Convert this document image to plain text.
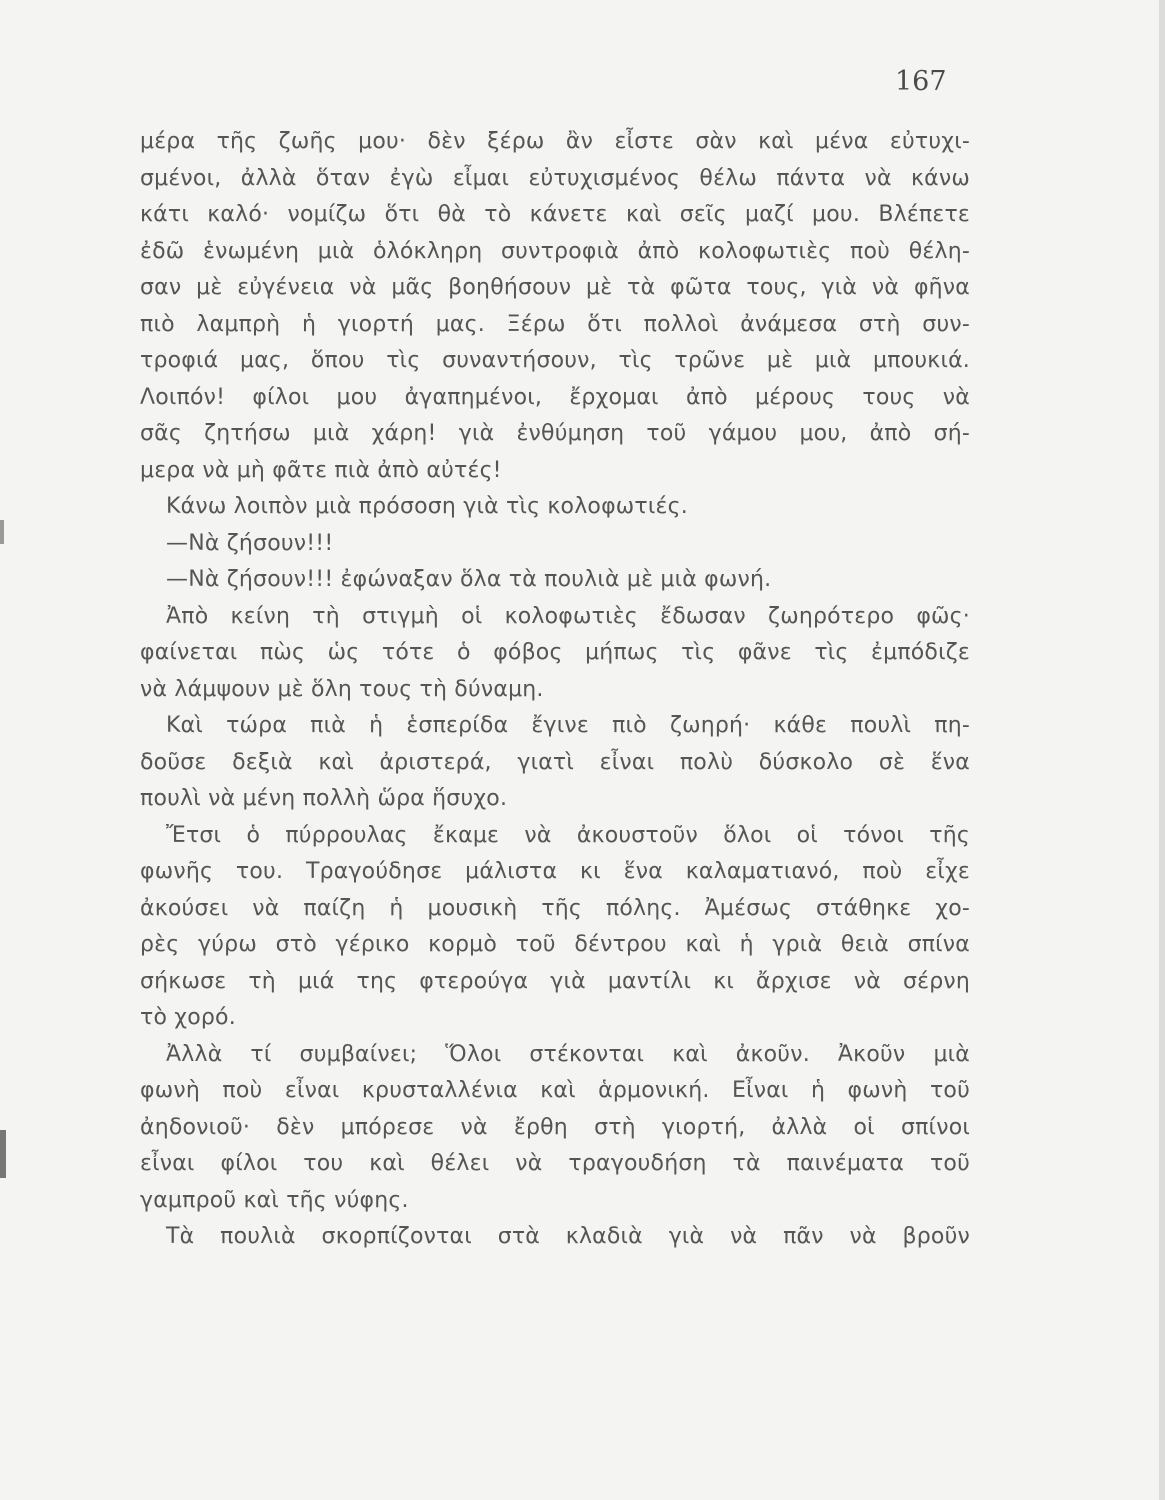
167
μέρα τῆς ζωῆς μου· δὲν ξέρω ἂν εἶστε σὰν καὶ μένα εὐτυχι-
σμένοι, ἀλλὰ ὅταν ἐγὼ εἶμαι εὐτυχισμένος θέλω πάντα νὰ κάνω
κάτι καλό· νομίζω ὅτι θὰ τὸ κάνετε καὶ σεῖς μαζί μου. Βλέπετε
ἐδῶ ἑνωμένη μιὰ ὁλόκληρη συντροφιὰ ἀπὸ κολοφωτιὲς ποὺ θέλη-
σαν μὲ εὐγένεια νὰ μᾶς βοηθήσουν μὲ τὰ φῶτα τους, γιὰ νὰ φῆνα
πιὸ λαμπρὴ ἡ γιορτή μας. Ξέρω ὅτι πολλοὶ ἀνάμεσα στὴ συν-
τροφιά μας, ὅπου τὶς συναντήσουν, τὶς τρῶνε μὲ μιὰ μπουκιά.
Λοιπόν! φίλοι μου ἀγαπημένοι, ἔρχομαι ἀπὸ μέρους τους νὰ
σᾶς ζητήσω μιὰ χάρη! γιὰ ἐνθύμηση τοῦ γάμου μου, ἀπὸ σή-
μερα νὰ μὴ φᾶτε πιὰ ἀπὸ αὐτές!
Κάνω λοιπὸν μιὰ πρόσοση γιὰ τὶς κολοφωτιές.
—Νὰ ζήσουν!!!
—Νὰ ζήσουν!!! ἐφώναξαν ὅλα τὰ πουλιὰ μὲ μιὰ φωνή.
Ἀπὸ κείνη τὴ στιγμὴ οἱ κολοφωτιὲς ἔδωσαν ζωηρότερο φῶς·
φαίνεται πὼς ὡς τότε ὁ φόβος μήπως τὶς φᾶνε τὶς ἐμπόδιζε
νὰ λάμψουν μὲ ὅλη τους τὴ δύναμη.
Καὶ τώρα πιὰ ἡ ἑσπερίδα ἔγινε πιὸ ζωηρή· κάθε πουλὶ πη-
δοῦσε δεξιὰ καὶ ἀριστερά, γιατὶ εἶναι πολὺ δύσκολο σὲ ἕνα
πουλὶ νὰ μένη πολλὴ ὥρα ἥσυχο.
Ἔτσι ὁ πύρρουλας ἔκαμε νὰ ἀκουστοῦν ὅλοι οἱ τόνοι τῆς
φωνῆς του. Τραγούδησε μάλιστα κι ἕνα καλαματιανό, ποὺ εἶχε
ἀκούσει νὰ παίζη ἡ μουσικὴ τῆς πόλης. Ἀμέσως στάθηκε χο-
ρὲς γύρω στὸ γέρικο κορμὸ τοῦ δέντρου καὶ ἡ γριὰ θειὰ σπίνα
σήκωσε τὴ μιά της φτερούγα γιὰ μαντίλι κι ἄρχισε νὰ σέρνη
τὸ χορό.
Ἀλλὰ τί συμβαίνει; Ὅλοι στέκονται καὶ ἀκοῦν. Ἀκοῦν μιὰ
φωνὴ ποὺ εἶναι κρυσταλλένια καὶ ἁρμονική. Εἶναι ἡ φωνὴ τοῦ
ἀηδονιοῦ· δὲν μπόρεσε νὰ ἔρθη στὴ γιορτή, ἀλλὰ οἱ σπίνοι
εἶναι φίλοι του καὶ θέλει νὰ τραγουδήση τὰ παινέματα τοῦ
γαμπροῦ καὶ τῆς νύφης.
Τὰ πουλιὰ σκορπίζονται στὰ κλαδιὰ γιὰ νὰ πᾶν νὰ βροῦν
